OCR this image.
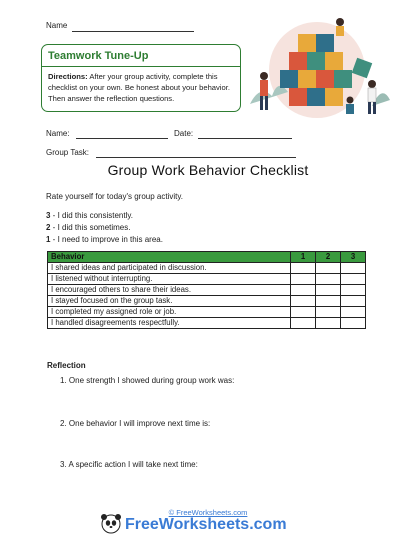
Name
Teamwork Tune-Up
Directions: After your group activity, complete this checklist on your own. Be honest about your behavior. Then answer the reflection questions.
Name:	Date:
Group Task:
Group Work Behavior Checklist
Rate yourself for today's group activity.
3 - I did this consistently.
2 - I did this sometimes.
1 - I need to improve in this area.
Behavior	1	2	3
I shared ideas and participated in discussion.			
I listened without interrupting.			
I encouraged others to share their ideas.			
I stayed focused on the group task.			
I completed my assigned role or job.			
I handled disagreements respectfully.			
Reflection
1. One strength I showed during group work was:
2. One behavior I will improve next time is:
3. A specific action I will take next time:
© FreeWorksheets.com
FreeWorksheets.com
